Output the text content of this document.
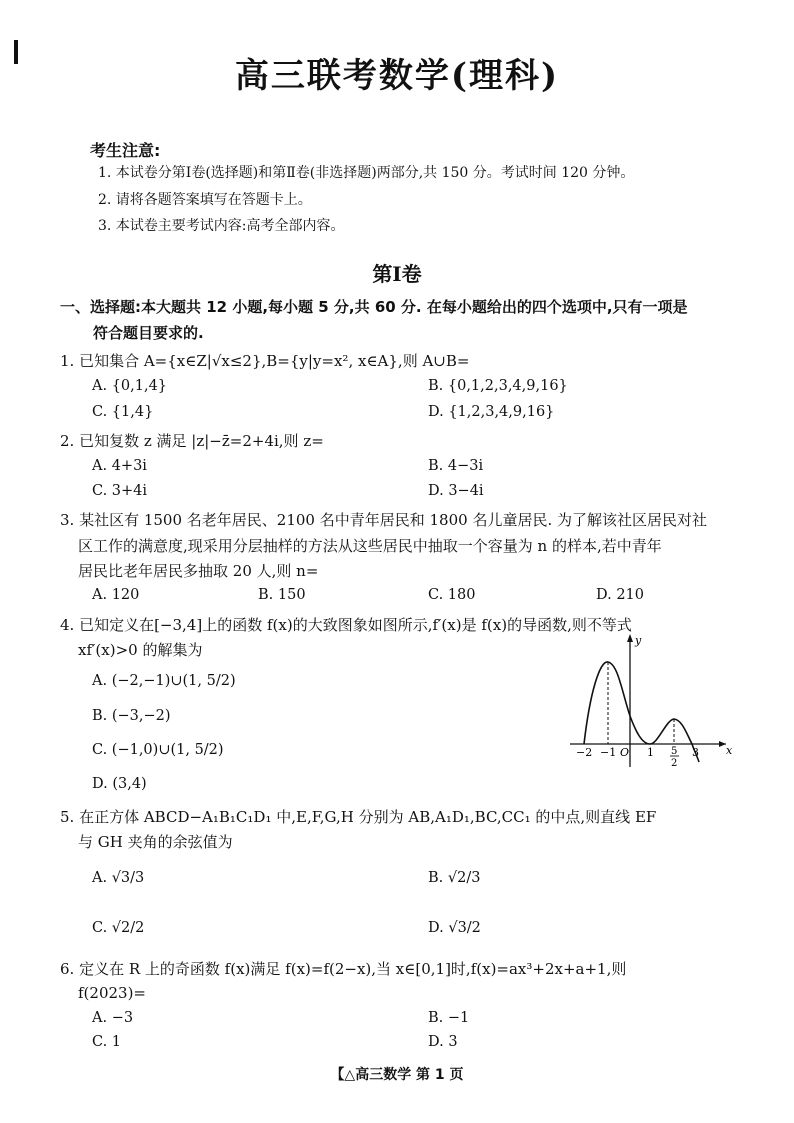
高三联考数学(理科)
考生注意:
1. 本试卷分第Ⅰ卷(选择题)和第Ⅱ卷(非选择题)两部分,共 150 分。考试时间 120 分钟。
2. 请将各题答案填写在答题卡上。
3. 本试卷主要考试内容:高考全部内容。
第Ⅰ卷
一、选择题:本大题共 12 小题,每小题 5 分,共 60 分. 在每小题给出的四个选项中,只有一项是
符合题目要求的.
1. 已知集合 A={x∈Z|√x≤2},B={y|y=x², x∈A},则 A∪B=
A. {0,1,4}	B. {0,1,2,3,4,9,16}
C. {1,4}	D. {1,2,3,4,9,16}
2. 已知复数 z 满足 |z|−z̄=2+4i,则 z=
A. 4+3i	B. 4−3i
C. 3+4i	D. 3−4i
3. 某社区有 1500 名老年居民、2100 名中青年居民和 1800 名儿童居民. 为了解该社区居民对社
区工作的满意度,现采用分层抽样的方法从这些居民中抽取一个容量为 n 的样本,若中青年
居民比老年居民多抽取 20 人,则 n=
A. 120	B. 150	C. 180	D. 210
4. 已知定义在[−3,4]上的函数 f(x)的大致图象如图所示,f′(x)是 f(x)的导函数,则不等式
xf′(x)>0 的解集为
A. (−2,−1)∪(1, 5/2)
B. (−3,−2)
C. (−1,0)∪(1, 5/2)
D. (3,4)
x
y
−2 −1 O 1 5
2
3
5. 在正方体 ABCD−A₁B₁C₁D₁ 中,E,F,G,H 分别为 AB,A₁D₁,BC,CC₁ 的中点,则直线 EF
与 GH 夹角的余弦值为
A. √3/3	B. √2/3
C. √2/2	D. √3/2
6. 定义在 R 上的奇函数 f(x)满足 f(x)=f(2−x),当 x∈[0,1]时,f(x)=ax³+2x+a+1,则
f(2023)=
A. −3	B. −1
C. 1	D. 3
【△高三数学 第 1 页
